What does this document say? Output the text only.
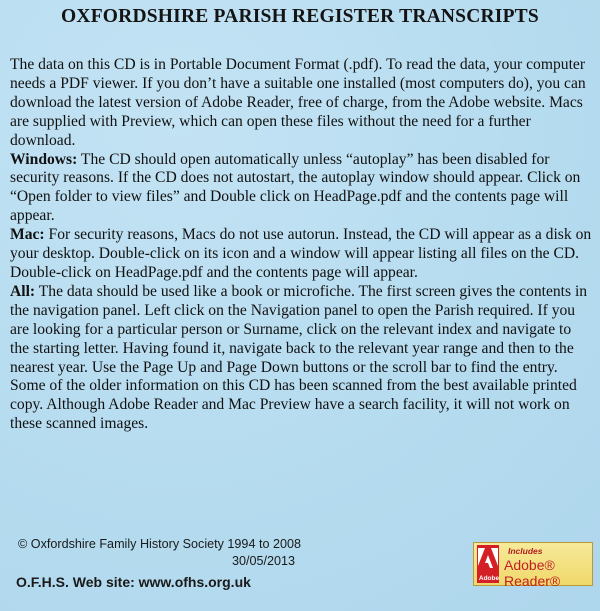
OXFORDSHIRE PARISH REGISTER TRANSCRIPTS

The data on this CD is in Portable Document Format (.pdf). To read the data, your computer needs a PDF viewer. If you don’t have a suitable one installed (most computers do), you can download the latest version of Adobe Reader, free of charge, from the Adobe website. Macs are supplied with Preview, which can open these files without the need for a further download.

Windows: The CD should open automatically unless “autoplay” has been disabled for security reasons. If the CD does not autostart, the autoplay window should appear. Click on “Open folder to view files” and Double click on HeadPage.pdf and the contents page will appear.

Mac: For security reasons, Macs do not use autorun. Instead, the CD will appear as a disk on your desktop. Double-click on its icon and a window will appear listing all files on the CD. Double-click on HeadPage.pdf and the contents page will appear.

All: The data should be used like a book or microfiche. The first screen gives the contents in the navigation panel. Left click on the Navigation panel to open the Parish required. If you are looking for a particular person or Surname, click on the relevant index and navigate to the starting letter. Having found it, navigate back to the relevant year range and then to the nearest year. Use the Page Up and Page Down buttons or the scroll bar to find the entry.

Some of the older information on this CD has been scanned from the best available printed copy. Although Adobe Reader and Mac Preview have a search facility, it will not work on these scanned images.

© Oxfordshire Family History Society 1994 to 2008
30/05/2013
O.F.H.S. Web site: www.ofhs.org.uk	Adobe
Includes
Adobe® Reader®
